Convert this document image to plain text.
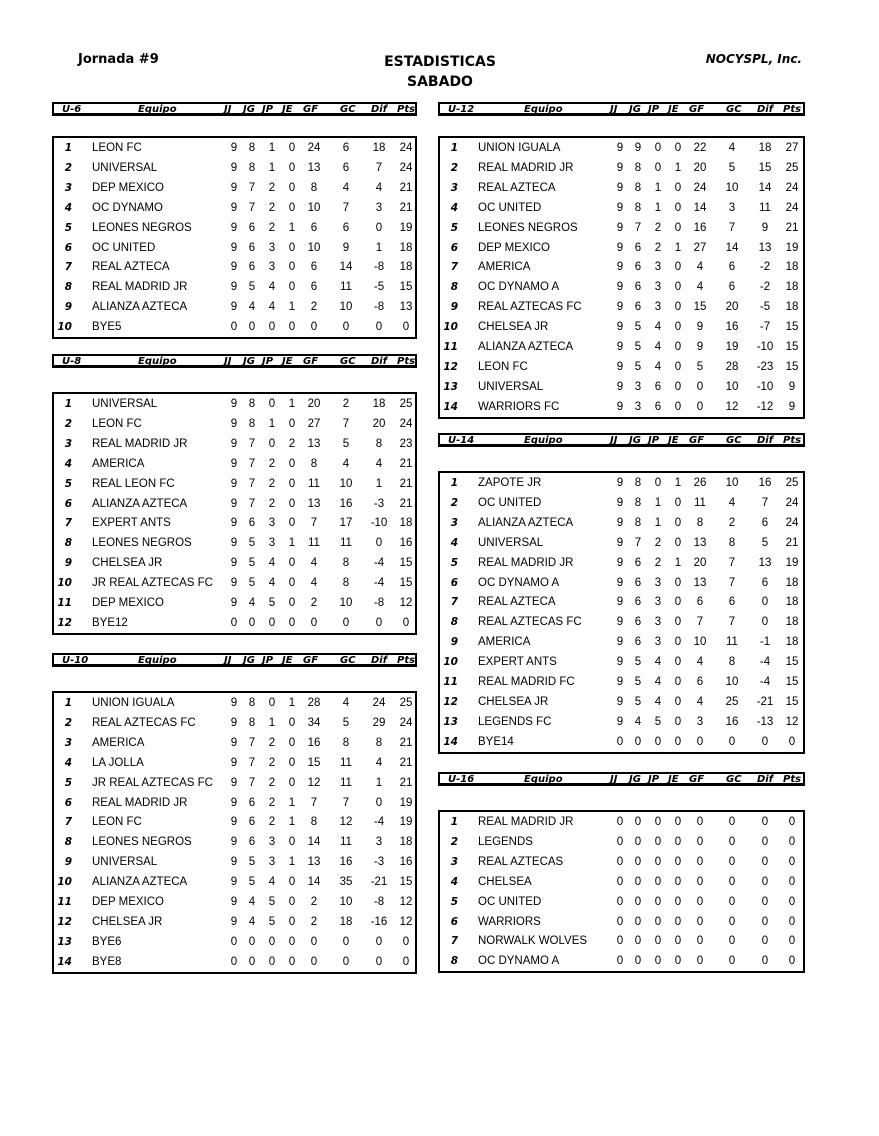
Jornada #9	ESTADISTICAS
SABADO
NOCYSPL, Inc.
U-6	Equipo	JJ JG JP JE GF GC Dif Pts
1 LEON FC	9	8	1	0	24	6	18	24
2 UNIVERSAL	9	8	1	0	13	6	7	24
3 DEP MEXICO	9	7	2	0	8	4	4	21
4 OC DYNAMO	9	7	2	0	10	7	3	21
5 LEONES NEGROS	9	6	2	1	6	6	0	19
6 OC UNITED	9	6	3	0	10	9	1	18
7 REAL AZTECA	9	6	3	0	6	14	-8	18
8 REAL MADRID JR	9	5	4	0	6	11	-5	15
9 ALIANZA AZTECA	9	4	4	1	2	10	-8	13
10 BYE5	0	0	0	0	0	0	0	0
U-8	Equipo	JJ JG JP JE GF GC Dif Pts
1 UNIVERSAL	9	8	0	1	20	2	18	25
2 LEON FC	9	8	1	0	27	7	20	24
3 REAL MADRID JR	9	7	0	2	13	5	8	23
4 AMERICA	9	7	2	0	8	4	4	21
5 REAL LEON FC	9	7	2	0	11	10	1	21
6 ALIANZA AZTECA	9	7	2	0	13	16	-3	21
7 EXPERT ANTS	9	6	3	0	7	17	-10	18
8 LEONES NEGROS	9	5	3	1	11	11	0	16
9 CHELSEA JR	9	5	4	0	4	8	-4	15
10 JR REAL AZTECAS FC	9	5	4	0	4	8	-4	15
11 DEP MEXICO	9	4	5	0	2	10	-8	12
12 BYE12	0	0	0	0	0	0	0	0
U-10	Equipo	JJ JG JP JE GF GC Dif Pts
1 UNION IGUALA	9	8	0	1	28	4	24	25
2 REAL AZTECAS FC	9	8	1	0	34	5	29	24
3 AMERICA	9	7	2	0	16	8	8	21
4 LA JOLLA	9	7	2	0	15	11	4	21
5 JR REAL AZTECAS FC	9	7	2	0	12	11	1	21
6 REAL MADRID JR	9	6	2	1	7	7	0	19
7 LEON FC	9	6	2	1	8	12	-4	19
8 LEONES NEGROS	9	6	3	0	14	11	3	18
9 UNIVERSAL	9	5	3	1	13	16	-3	16
10 ALIANZA AZTECA	9	5	4	0	14	35	-21	15
11 DEP MEXICO	9	4	5	0	2	10	-8	12
12 CHELSEA JR	9	4	5	0	2	18	-16	12
13 BYE6	0	0	0	0	0	0	0	0
14 BYE8	0	0	0	0	0	0	0	0
U-12	Equipo	JJ JG JP JE GF GC Dif Pts
1 UNION IGUALA	9	9	0	0	22	4	18	27
2 REAL MADRID JR	9	8	0	1	20	5	15	25
3 REAL AZTECA	9	8	1	0	24	10	14	24
4 OC UNITED	9	8	1	0	14	3	11	24
5 LEONES NEGROS	9	7	2	0	16	7	9	21
6 DEP MEXICO	9	6	2	1	27	14	13	19
7 AMERICA	9	6	3	0	4	6	-2	18
8 OC DYNAMO A	9	6	3	0	4	6	-2	18
9 REAL AZTECAS FC	9	6	3	0	15	20	-5	18
10 CHELSEA JR	9	5	4	0	9	16	-7	15
11 ALIANZA AZTECA	9	5	4	0	9	19	-10	15
12 LEON FC	9	5	4	0	5	28	-23	15
13 UNIVERSAL	9	3	6	0	0	10	-10	9
14 WARRIORS FC	9	3	6	0	0	12	-12	9
U-14	Equipo	JJ JG JP JE GF GC Dif Pts
1 ZAPOTE JR	9	8	0	1	26	10	16	25
2 OC UNITED	9	8	1	0	11	4	7	24
3 ALIANZA AZTECA	9	8	1	0	8	2	6	24
4 UNIVERSAL	9	7	2	0	13	8	5	21
5 REAL MADRID JR	9	6	2	1	20	7	13	19
6 OC DYNAMO A	9	6	3	0	13	7	6	18
7 REAL AZTECA	9	6	3	0	6	6	0	18
8 REAL AZTECAS FC	9	6	3	0	7	7	0	18
9 AMERICA	9	6	3	0	10	11	-1	18
10 EXPERT ANTS	9	5	4	0	4	8	-4	15
11 REAL MADRID FC	9	5	4	0	6	10	-4	15
12 CHELSEA JR	9	5	4	0	4	25	-21	15
13 LEGENDS FC	9	4	5	0	3	16	-13	12
14 BYE14	0	0	0	0	0	0	0	0
U-16	Equipo	JJ JG JP JE GF GC Dif Pts
1 REAL MADRID JR	0	0	0	0	0	0	0	0
2 LEGENDS	0	0	0	0	0	0	0	0
3 REAL AZTECAS	0	0	0	0	0	0	0	0
4 CHELSEA	0	0	0	0	0	0	0	0
5 OC UNITED	0	0	0	0	0	0	0	0
6 WARRIORS	0	0	0	0	0	0	0	0
7 NORWALK WOLVES	0	0	0	0	0	0	0	0
8 OC DYNAMO A	0	0	0	0	0	0	0	0
